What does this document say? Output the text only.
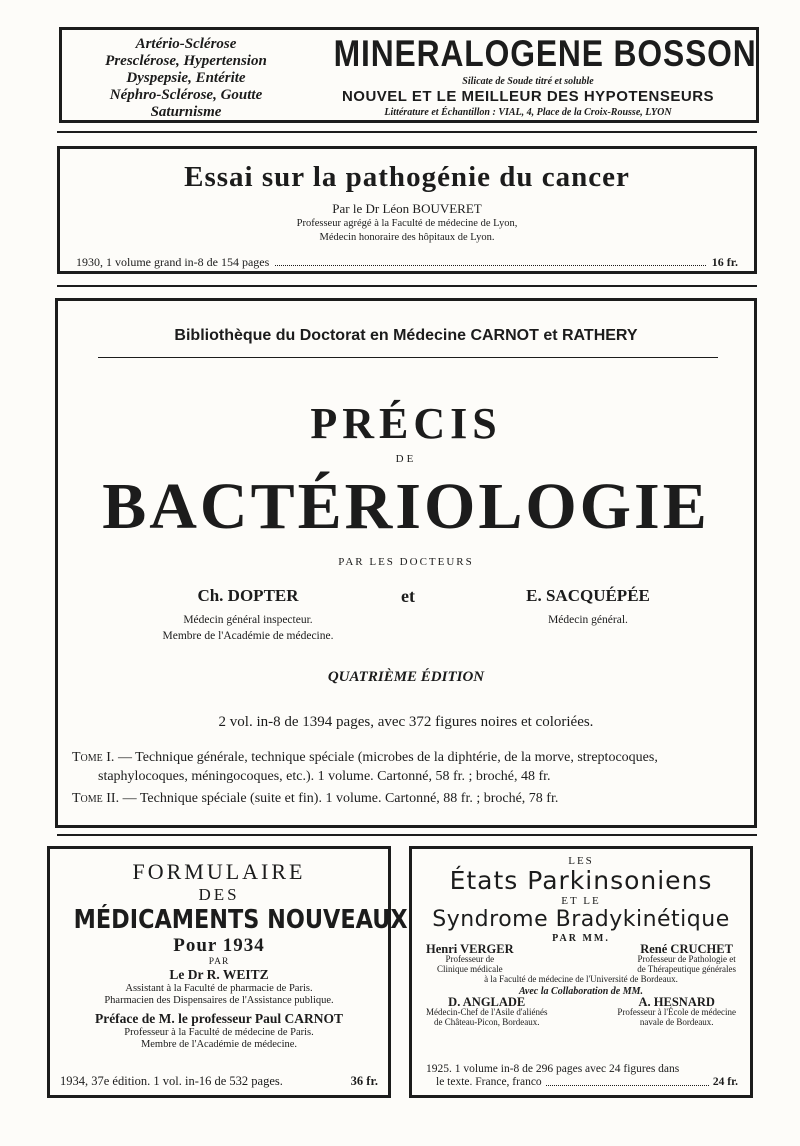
Artério-Sclérose
Presclérose, Hypertension
Dyspepsie, Entérite
Néphro-Sclérose, Goutte
Saturnisme
MINERALOGENE BOSSON
Silicate de Soude titré et soluble
NOUVEL ET LE MEILLEUR DES HYPOTENSEURS
Littérature et Échantillon : VIAL, 4, Place de la Croix-Rousse, LYON
Essai sur la pathogénie du cancer
Par le Dr Léon BOUVERET
Professeur agrégé à la Faculté de médecine de Lyon,
Médecin honoraire des hôpitaux de Lyon.
1930, 1 volume grand in-8 de 154 pages	16 fr.
Bibliothèque du Doctorat en Médecine CARNOT et RATHERY
PRÉCIS
DE
BACTÉRIOLOGIE
PAR LES DOCTEURS
Ch. DOPTER
Médecin général inspecteur.
Membre de l'Académie de médecine.
et	E. SACQUÉPÉE
Médecin général.
QUATRIÈME ÉDITION
2 vol. in-8 de 1394 pages, avec 372 figures noires et coloriées.
Tome I. — Technique générale, technique spéciale (microbes de la diphtérie, de la morve, streptocoques,
staphylocoques, méningocoques, etc.). 1 volume. Cartonné, 58 fr. ; broché, 48 fr.
Tome II. — Technique spéciale (suite et fin). 1 volume. Cartonné, 88 fr. ; broché, 78 fr.
FORMULAIRE
DES
MÉDICAMENTS NOUVEAUX
Pour 1934
PAR
Le Dr R. WEITZ
Assistant à la Faculté de pharmacie de Paris.
Pharmacien des Dispensaires de l'Assistance publique.
Préface de M. le professeur Paul CARNOT
Professeur à la Faculté de médecine de Paris.
Membre de l'Académie de médecine.
1934, 37e édition. 1 vol. in-16 de 532 pages.	36 fr.
LES
États Parkinsoniens
ET LE
Syndrome Bradykinétique
PAR MM.
Henri VERGER
Professeur de
Clinique médicale
René CRUCHET
Professeur de Pathologie et
de Thérapeutique générales
à la Faculté de médecine de l'Université de Bordeaux.
Avec la Collaboration de MM.
D. ANGLADE
Médecin-Chef de l'Asile d'aliénés
de Château-Picon, Bordeaux.
A. HESNARD
Professeur à l'École de médecine
navale de Bordeaux.
1925. 1 volume in-8 de 296 pages avec 24 figures dans
le texte. France, franco	24 fr.
